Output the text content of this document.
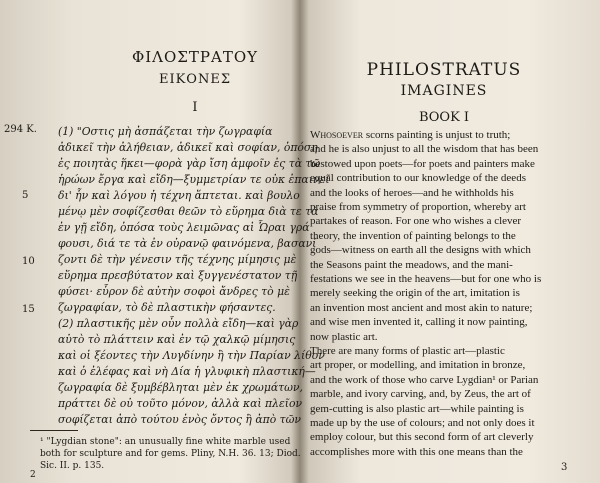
ΦΙΛΟΣΤΡΑΤΟΥ
ΕΙΚΟΝΕΣ
I
294 K.
5
10
15
(1) "Οστις μὴ ἀσπάζεται τὴν ζωγραφία
ἀδικεῖ τὴν ἀλήθειαν, ἀδικεῖ καὶ σοφίαν, ὁπόση
ἐς ποιητὰς ἥκει—φορὰ γὰρ ἴση ἀμφοῖν ἐς τὰ τῶ
ἡρώων ἔργα καὶ εἴδη—ξυμμετρίαν τε οὐκ ἐπαινεῖ
δι' ἧν καὶ λόγου ἡ τέχνη ἅπτεται. καὶ βουλο
μένῳ μὲν σοφίζεσθαι θεῶν τὸ εὕρημα διὰ τε τὰ
ἐν γῇ εἴδη, ὁπόσα τοὺς λειμῶνας αἱ Ὧραι γρά
φουσι, διά τε τὰ ἐν οὐρανῷ φαινόμενα, βασανί
ζοντι δὲ τὴν γένεσιν τῆς τέχνης μίμησις μὲ
εὕρημα πρεσβύτατον καὶ ξυγγενέστατον τῇ
φύσει· εὗρον δὲ αὐτὴν σοφοὶ ἄνδρες τὸ μὲ
ζωγραφίαν, τὸ δὲ πλαστικὴν φήσαντες.
(2) πλαστικῆς μὲν οὖν πολλὰ εἴδη—καὶ γὰρ
αὐτὸ τὸ πλάττειν καὶ ἐν τῷ χαλκῷ μίμησις
καὶ οἱ ξέοντες τὴν Λυγδίνην ἢ τὴν Παρίαν λίθον
καὶ ὁ ἐλέφας καὶ νὴ Δία ἡ γλυφικὴ πλαστική—
ζωγραφία δὲ ξυμβέβληται μὲν ἐκ χρωμάτων,
πράττει δὲ οὐ τοῦτο μόνον, ἀλλὰ καὶ πλεῖον
σοφίζεται ἀπὸ τούτου ἑνὸς ὄντος ἢ ἀπὸ τῶν
¹ "Lygdian stone": an unusually fine white marble used
both for sculpture and for gems. Pliny, N.H. 36. 13; Diod.
Sic. II. p. 135.
2
PHILOSTRATUS
IMAGINES
BOOK I
Whosoever scorns painting is unjust to truth;
and he is also unjust to all the wisdom that has been
bestowed upon poets—for poets and painters make
equal contribution to our knowledge of the deeds
and the looks of heroes—and he withholds his
praise from symmetry of proportion, whereby art
partakes of reason. For one who wishes a clever
theory, the invention of painting belongs to the
gods—witness on earth all the designs with which
the Seasons paint the meadows, and the mani-
festations we see in the heavens—but for one who is
merely seeking the origin of the art, imitation is
an invention most ancient and most akin to nature;
and wise men invented it, calling it now painting,
now plastic art.
There are many forms of plastic art—plastic
art proper, or modelling, and imitation in bronze,
and the work of those who carve Lygdian¹ or Parian
marble, and ivory carving, and, by Zeus, the art of
gem-cutting is also plastic art—while painting is
made up by the use of colours; and not only does it
employ colour, but this second form of art cleverly
accomplishes more with this one means than the
3
